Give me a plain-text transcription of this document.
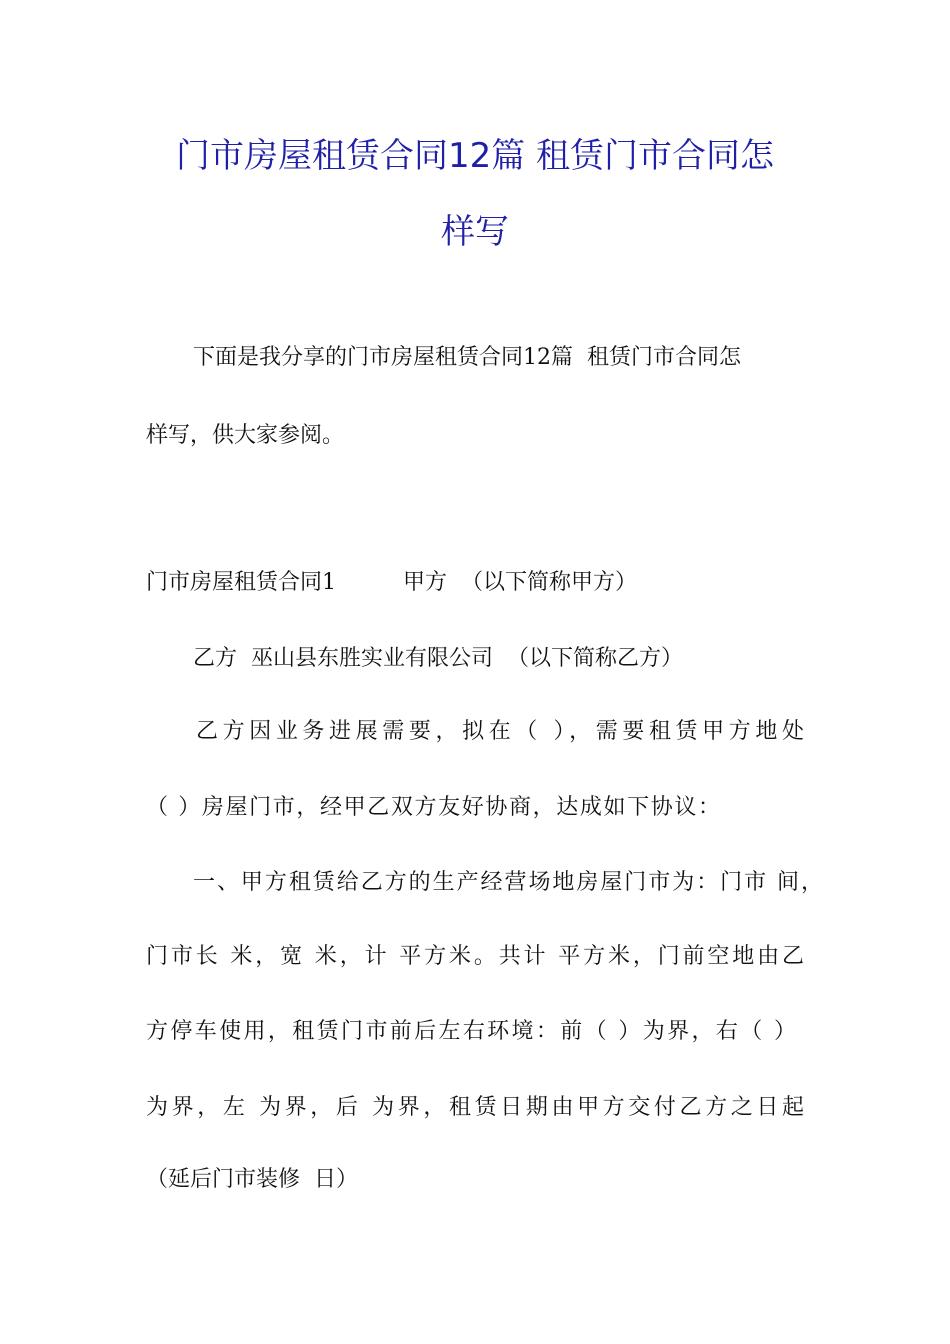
门市房屋租赁合同12篇 租赁门市合同怎
样写
下面是我分享的门市房屋租赁合同12篇  租赁门市合同怎
样写，供大家参阅。
门市房屋租赁合同1	甲方  （以下简称甲方）
乙方  巫山县东胜实业有限公司  （以下简称乙方）
乙方因业务进展需要，拟在（ ），需要租赁甲方地处
（ ）房屋门市，经甲乙双方友好协商，达成如下协议：
一、甲方租赁给乙方的生产经营场地房屋门市为：门市 间，
门市长 米，宽 米，计 平方米。共计 平方米，门前空地由乙
方停车使用，租赁门市前后左右环境：前（ ）为界，右（ ）
为界，左 为界，后 为界，租赁日期由甲方交付乙方之日起
（延后门市装修  日）
